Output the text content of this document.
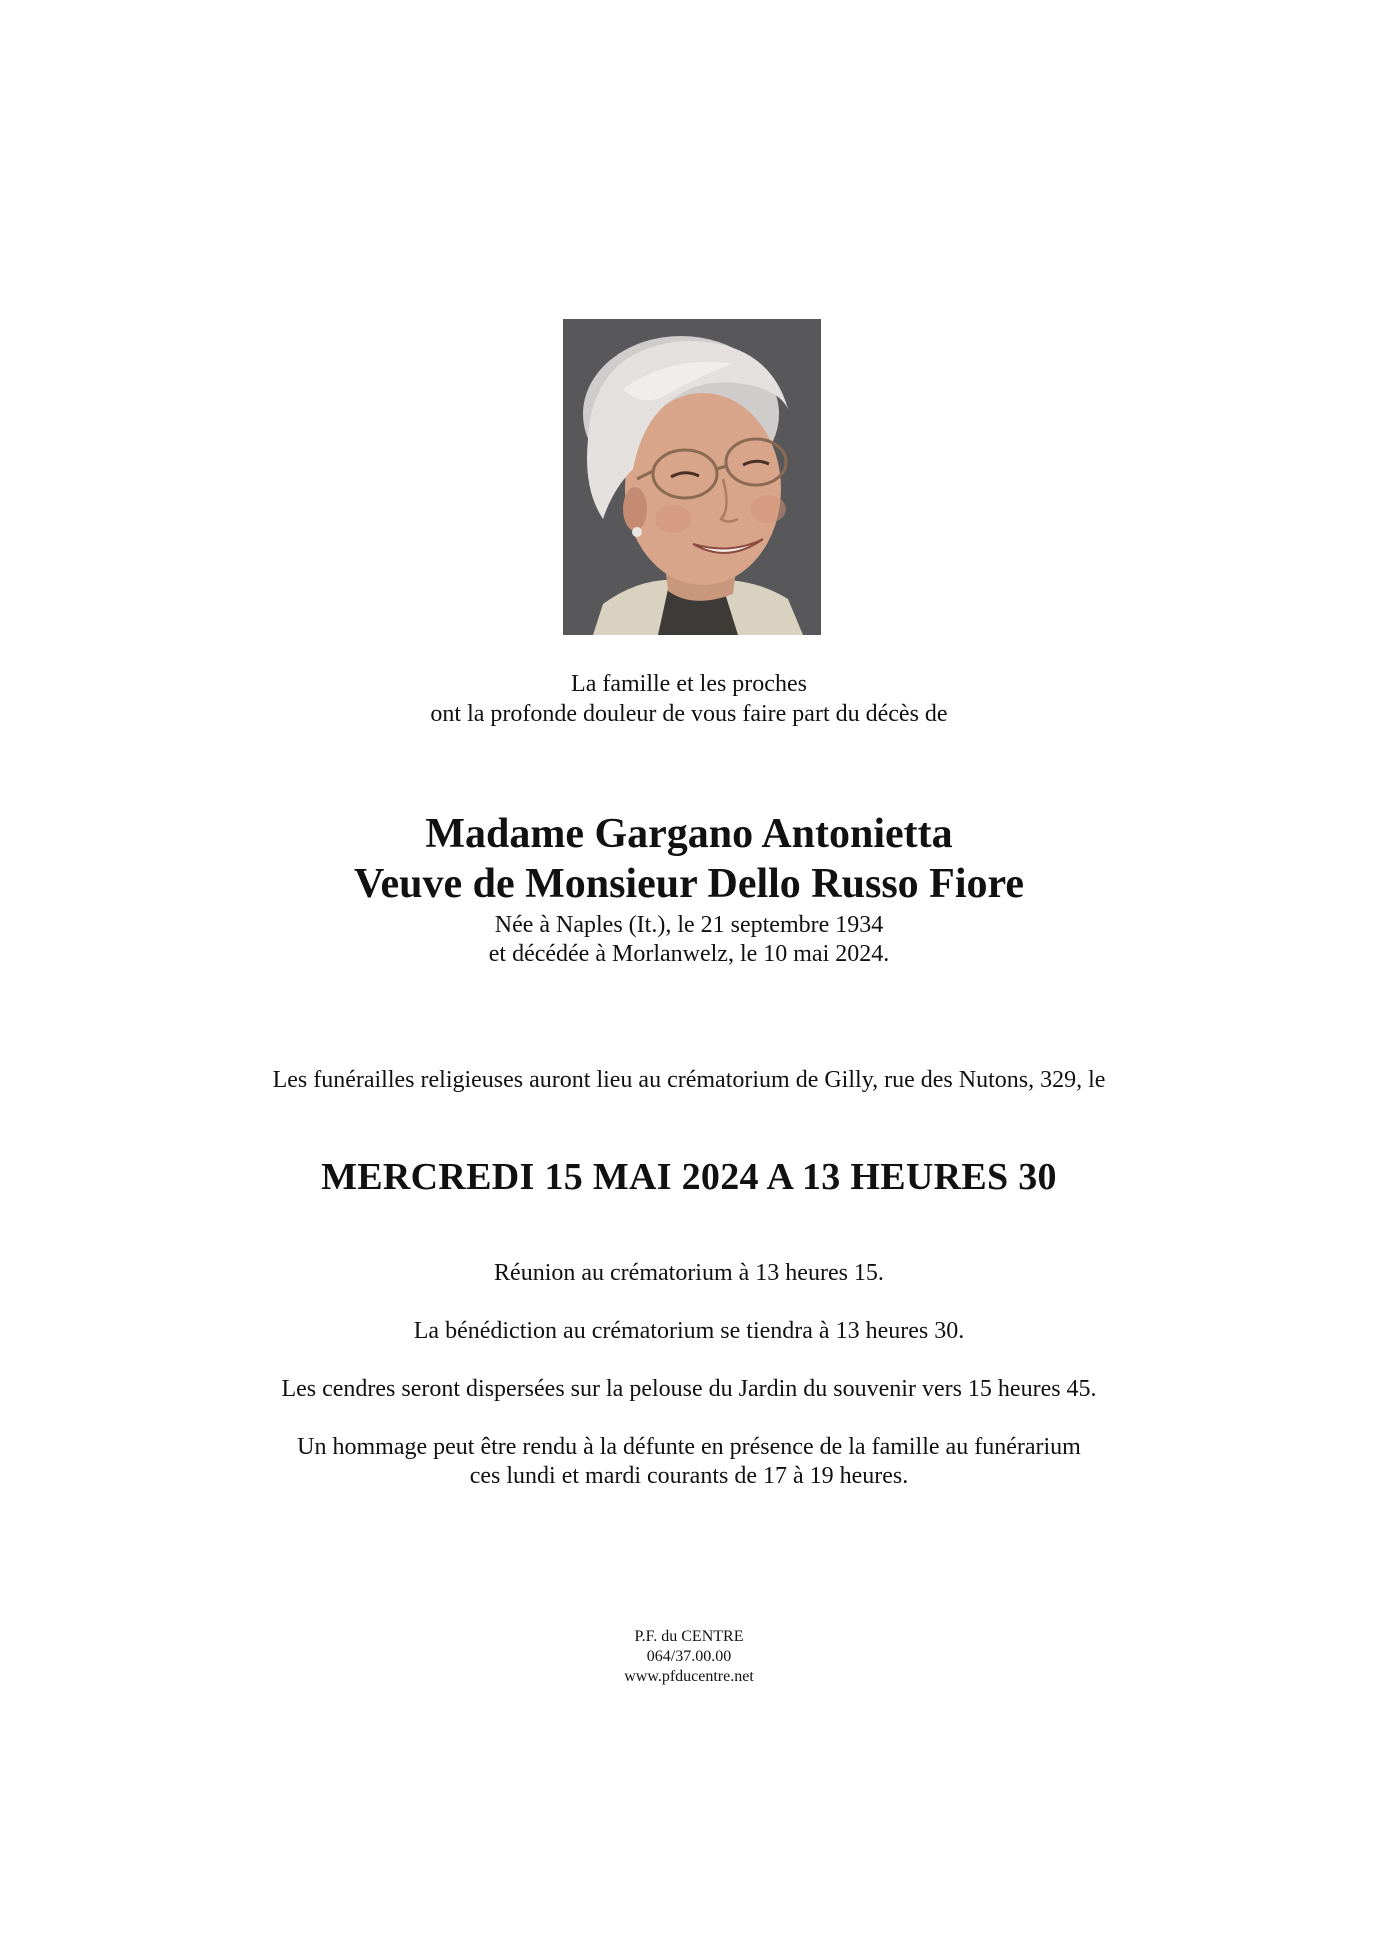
La famille et les proches

ont la profonde douleur de vous faire part du décès de

Madame Gargano Antonietta

Veuve de Monsieur Dello Russo Fiore

Née à Naples (It.), le 21 septembre 1934

et décédée à Morlanwelz, le 10 mai 2024.

Les funérailles religieuses auront lieu au crématorium de Gilly, rue des Nutons, 329, le

MERCREDI 15 MAI 2024 A 13 HEURES 30

Réunion au crématorium à 13 heures 15.

La bénédiction au crématorium se tiendra à 13 heures 30.

Les cendres seront dispersées sur la pelouse du Jardin du souvenir vers 15 heures 45.

Un hommage peut être rendu à la défunte en présence de la famille au funérarium

ces lundi et mardi courants de 17 à 19 heures.

P.F. du CENTRE

064/37.00.00

www.pfducentre.net
